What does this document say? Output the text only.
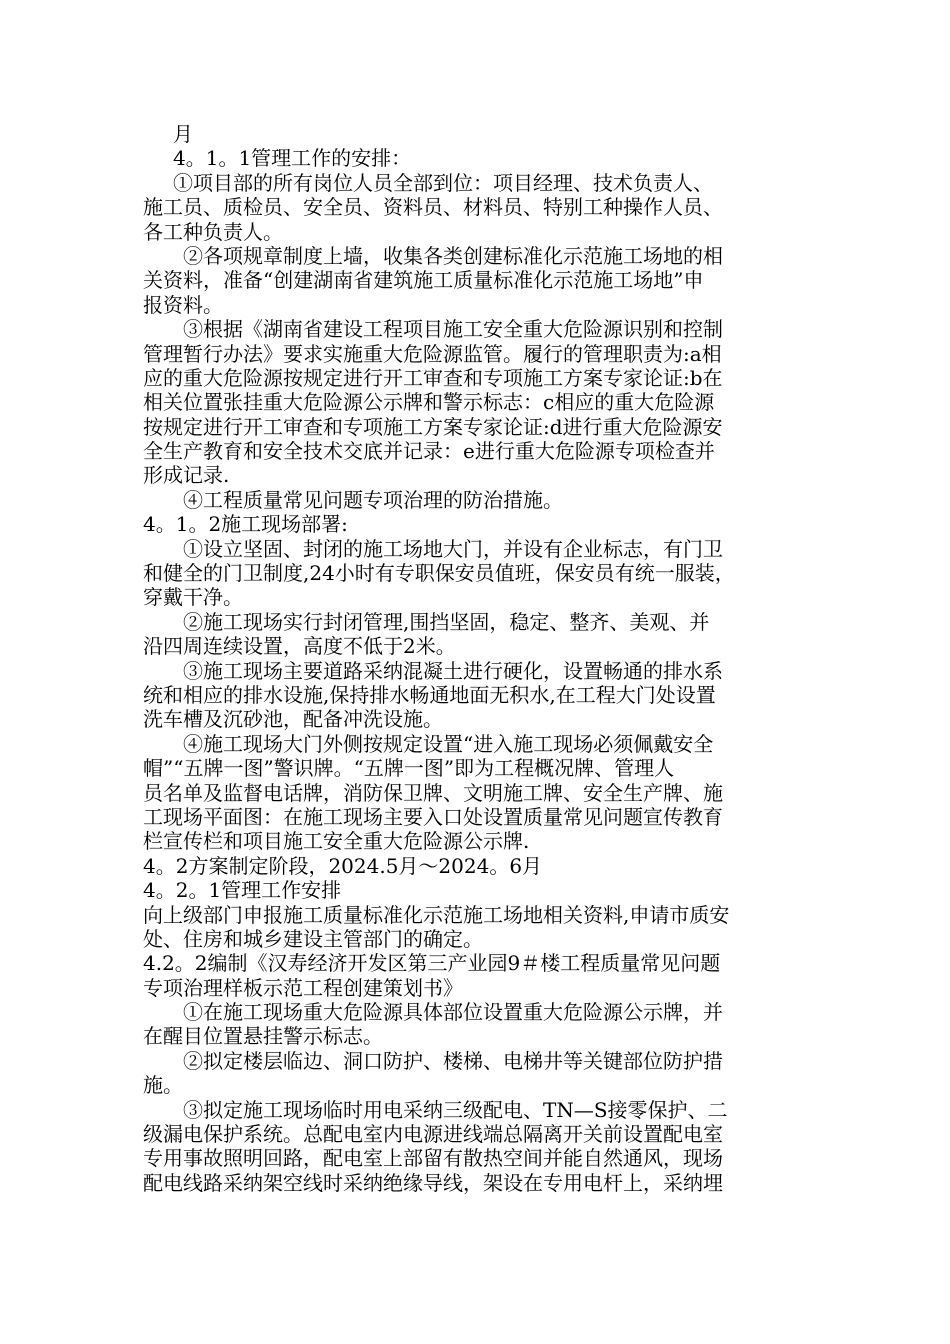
月
4。1。1管理工作的安排：
①项目部的所有岗位人员全部到位：项目经理、技术负责人、
施工员、质检员、安全员、资料员、材料员、特别工种操作人员、
各工种负责人。
②各项规章制度上墙，收集各类创建标准化示范施工场地的相
关资料，准备“创建湖南省建筑施工质量标准化示范施工场地”申
报资料。
③根据《湖南省建设工程项目施工安全重大危险源识别和控制
管理暂行办法》要求实施重大危险源监管。履行的管理职责为:a相
应的重大危险源按规定进行开工审查和专项施工方案专家论证:b在
相关位置张挂重大危险源公示牌和警示标志：c相应的重大危险源
按规定进行开工审查和专项施工方案专家论证:d进行重大危险源安
全生产教育和安全技术交底并记录：e进行重大危险源专项检查并
形成记录.
④工程质量常见问题专项治理的防治措施。
4。1。2施工现场部署:
①设立坚固、封闭的施工场地大门，并设有企业标志，有门卫
和健全的门卫制度,24小时有专职保安员值班，保安员有统一服装，
穿戴干净。
②施工现场实行封闭管理,围挡坚固，稳定、整齐、美观、并
沿四周连续设置，高度不低于2米。
③施工现场主要道路采纳混凝土进行硬化，设置畅通的排水系
统和相应的排水设施,保持排水畅通地面无积水,在工程大门处设置
洗车槽及沉砂池，配备冲洗设施。
④施工现场大门外侧按规定设置“进入施工现场必须佩戴安全
帽”“五牌一图”警识牌。“五牌一图”即为工程概况牌、管理人
员名单及监督电话牌，消防保卫牌、文明施工牌、安全生产牌、施
工现场平面图：在施工现场主要入口处设置质量常见问题宣传教育
栏宣传栏和项目施工安全重大危险源公示牌.
4。2方案制定阶段，2024.5月～2024。6月
4。2。1管理工作安排
向上级部门申报施工质量标准化示范施工场地相关资料,申请市质安
处、住房和城乡建设主管部门的确定。
4.2。2编制《汉寿经济开发区第三产业园9＃楼工程质量常见问题
专项治理样板示范工程创建策划书》
①在施工现场重大危险源具体部位设置重大危险源公示牌，并
在醒目位置悬挂警示标志。
②拟定楼层临边、洞口防护、楼梯、电梯井等关键部位防护措
施。
③拟定施工现场临时用电采纳三级配电、TN—S接零保护、二
级漏电保护系统。总配电室内电源进线端总隔离开关前设置配电室
专用事故照明回路，配电室上部留有散热空间并能自然通风，现场
配电线路采纳架空线时采纳绝缘导线，架设在专用电杆上，采纳埋
